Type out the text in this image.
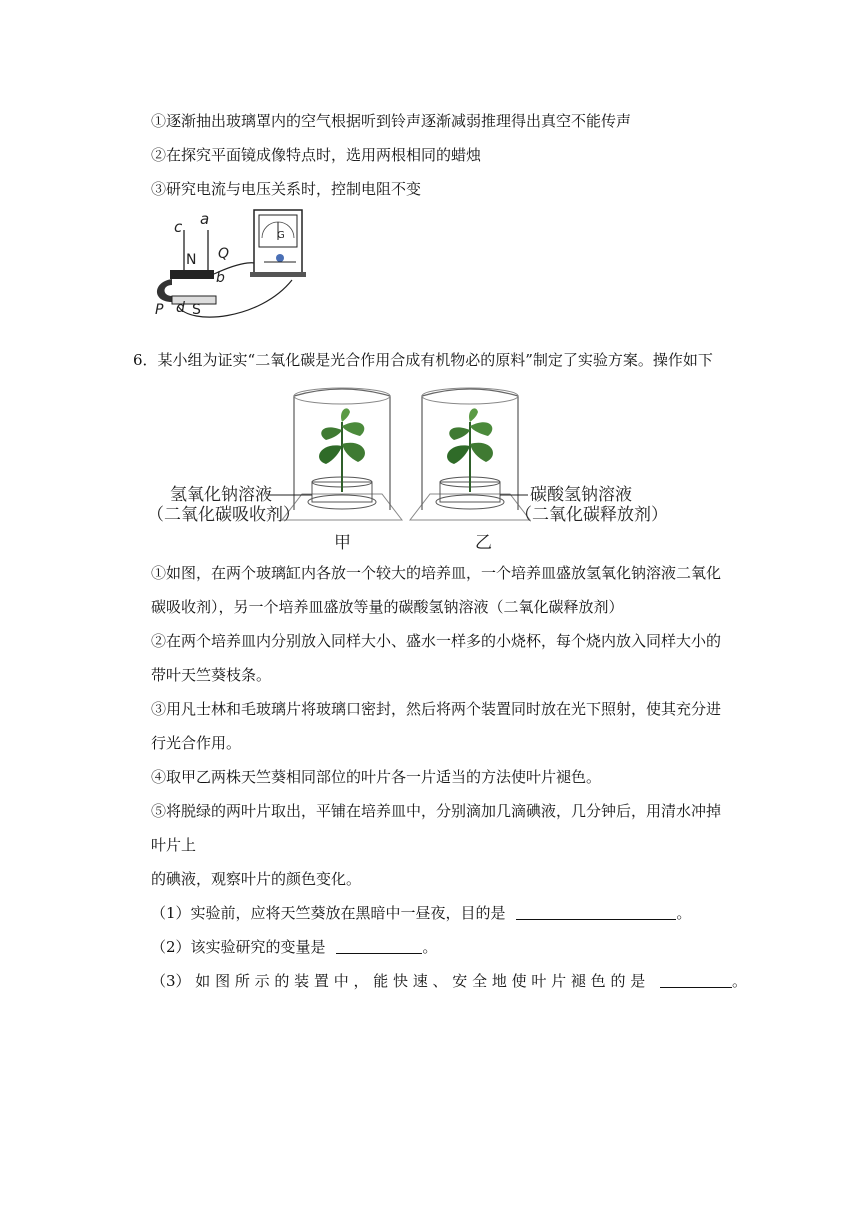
①逐渐抽出玻璃罩内的空气根据听到铃声逐渐减弱推理得出真空不能传声
②在探究平面镜成像特点时，选用两根相同的蜡烛
③研究电流与电压关系时，控制电阻不变
c a
N Q
b
P d S
G
6．某小组为证实“二氧化碳是光合作用合成有机物必的原料”制定了实验方案。操作如下
氢氧化钠溶液
（二氧化碳吸收剂）
碳酸氢钠溶液
（二氧化碳释放剂）
甲	乙
①如图，在两个玻璃缸内各放一个较大的培养皿，一个培养皿盛放氢氧化钠溶液二氧化
碳吸收剂），另一个培养皿盛放等量的碳酸氢钠溶液（二氧化碳释放剂）
②在两个培养皿内分别放入同样大小、盛水一样多的小烧杯，每个烧内放入同样大小的
带叶天竺葵枝条。
③用凡士林和毛玻璃片将玻璃口密封，然后将两个装置同时放在光下照射，使其充分进
行光合作用。
④取甲乙两株天竺葵相同部位的叶片各一片适当的方法使叶片褪色。
⑤将脱绿的两叶片取出，平铺在培养皿中，分别滴加几滴碘液，几分钟后，用清水冲掉
叶片上
的碘液，观察叶片的颜色变化。
（1）实验前，应将天竺葵放在黑暗中一昼夜，目的是	。
（2）该实验研究的变量是	。
（3） 如 图 所 示 的 装 置 中 ， 能 快 速 、 安 全 地 使 叶 片 褪 色 的 是	。
